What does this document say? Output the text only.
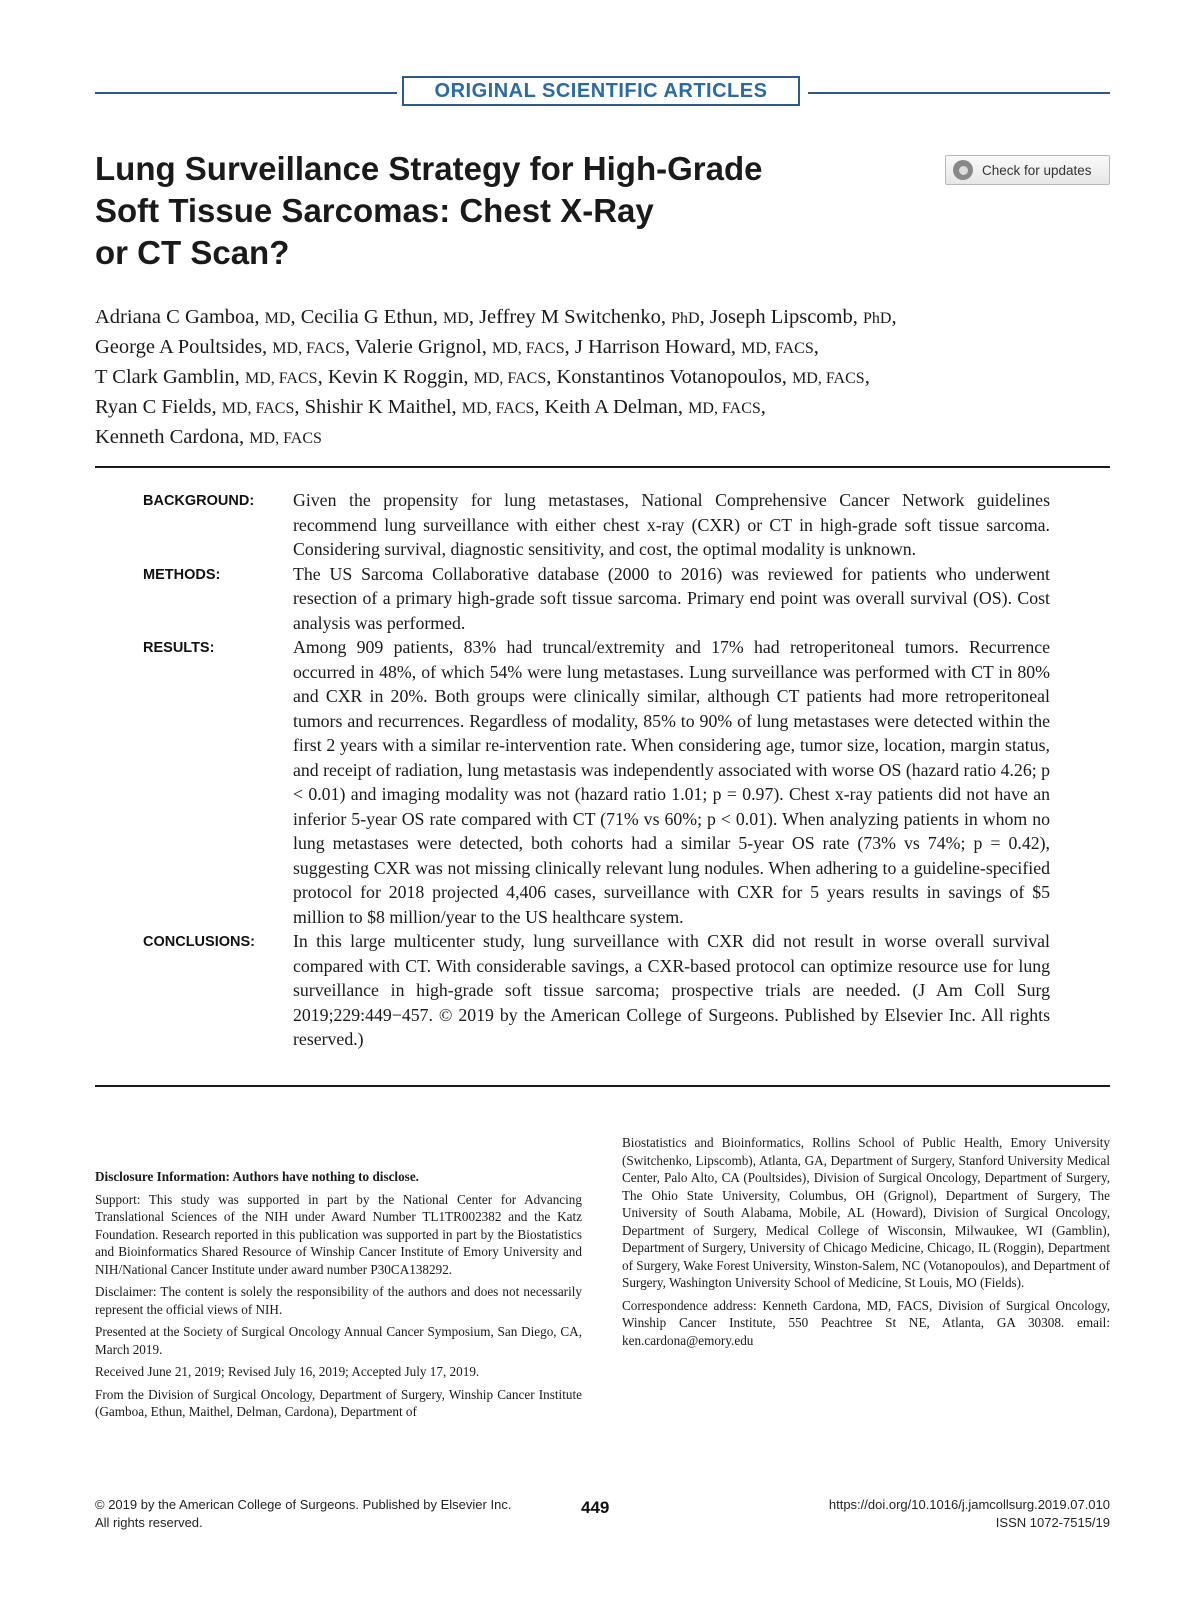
ORIGINAL SCIENTIFIC ARTICLES
Lung Surveillance Strategy for High-Grade
Soft Tissue Sarcomas: Chest X-Ray
or CT Scan?
Check for updates
Adriana C Gamboa, MD, Cecilia G Ethun, MD, Jeffrey M Switchenko, PhD, Joseph Lipscomb, PhD,
George A Poultsides, MD, FACS, Valerie Grignol, MD, FACS, J Harrison Howard, MD, FACS,
T Clark Gamblin, MD, FACS, Kevin K Roggin, MD, FACS, Konstantinos Votanopoulos, MD, FACS,
Ryan C Fields, MD, FACS, Shishir K Maithel, MD, FACS, Keith A Delman, MD, FACS,
Kenneth Cardona, MD, FACS
BACKGROUND:	Given the propensity for lung metastases, National Comprehensive Cancer Network guidelines recommend lung surveillance with either chest x-ray (CXR) or CT in high-grade soft tissue sarcoma. Considering survival, diagnostic sensitivity, and cost, the optimal modality is unknown.
METHODS:	The US Sarcoma Collaborative database (2000 to 2016) was reviewed for patients who underwent resection of a primary high-grade soft tissue sarcoma. Primary end point was overall survival (OS). Cost analysis was performed.
RESULTS:	Among 909 patients, 83% had truncal/extremity and 17% had retroperitoneal tumors. Recurrence occurred in 48%, of which 54% were lung metastases. Lung surveillance was performed with CT in 80% and CXR in 20%. Both groups were clinically similar, although CT patients had more retroperitoneal tumors and recurrences. Regardless of modality, 85% to 90% of lung metastases were detected within the first 2 years with a similar re-intervention rate. When considering age, tumor size, location, margin status, and receipt of radiation, lung metastasis was independently associated with worse OS (hazard ratio 4.26; p < 0.01) and imaging modality was not (hazard ratio 1.01; p = 0.97). Chest x-ray patients did not have an inferior 5-year OS rate compared with CT (71% vs 60%; p < 0.01). When analyzing patients in whom no lung metastases were detected, both cohorts had a similar 5-year OS rate (73% vs 74%; p = 0.42), suggesting CXR was not missing clinically relevant lung nodules. When adhering to a guideline-specified protocol for 2018 projected 4,406 cases, surveillance with CXR for 5 years results in savings of $5 million to $8 million/year to the US healthcare system.
CONCLUSIONS:	In this large multicenter study, lung surveillance with CXR did not result in worse overall survival compared with CT. With considerable savings, a CXR-based protocol can optimize resource use for lung surveillance in high-grade soft tissue sarcoma; prospective trials are needed. (J Am Coll Surg 2019;229:449−457. © 2019 by the American College of Surgeons. Published by Elsevier Inc. All rights reserved.)

Disclosure Information: Authors have nothing to disclose.

Support: This study was supported in part by the National Center for Advancing Translational Sciences of the NIH under Award Number TL1TR002382 and the Katz Foundation. Research reported in this publication was supported in part by the Biostatistics and Bioinformatics Shared Resource of Winship Cancer Institute of Emory University and NIH/National Cancer Institute under award number P30CA138292.

Disclaimer: The content is solely the responsibility of the authors and does not necessarily represent the official views of NIH.

Presented at the Society of Surgical Oncology Annual Cancer Symposium, San Diego, CA, March 2019.

Received June 21, 2019; Revised July 16, 2019; Accepted July 17, 2019.

From the Division of Surgical Oncology, Department of Surgery, Winship Cancer Institute (Gamboa, Ethun, Maithel, Delman, Cardona), Department of

Biostatistics and Bioinformatics, Rollins School of Public Health, Emory University (Switchenko, Lipscomb), Atlanta, GA, Department of Surgery, Stanford University Medical Center, Palo Alto, CA (Poultsides), Division of Surgical Oncology, Department of Surgery, The Ohio State University, Columbus, OH (Grignol), Department of Surgery, The University of South Alabama, Mobile, AL (Howard), Division of Surgical Oncology, Department of Surgery, Medical College of Wisconsin, Milwaukee, WI (Gamblin), Department of Surgery, University of Chicago Medicine, Chicago, IL (Roggin), Department of Surgery, Wake Forest University, Winston-Salem, NC (Votanopoulos), and Department of Surgery, Washington University School of Medicine, St Louis, MO (Fields).

Correspondence address: Kenneth Cardona, MD, FACS, Division of Surgical Oncology, Winship Cancer Institute, 550 Peachtree St NE, Atlanta, GA 30308. email: ken.cardona@emory.edu

© 2019 by the American College of Surgeons. Published by Elsevier Inc.
All rights reserved.
449	https://doi.org/10.1016/j.jamcollsurg.2019.07.010
ISSN 1072-7515/19
